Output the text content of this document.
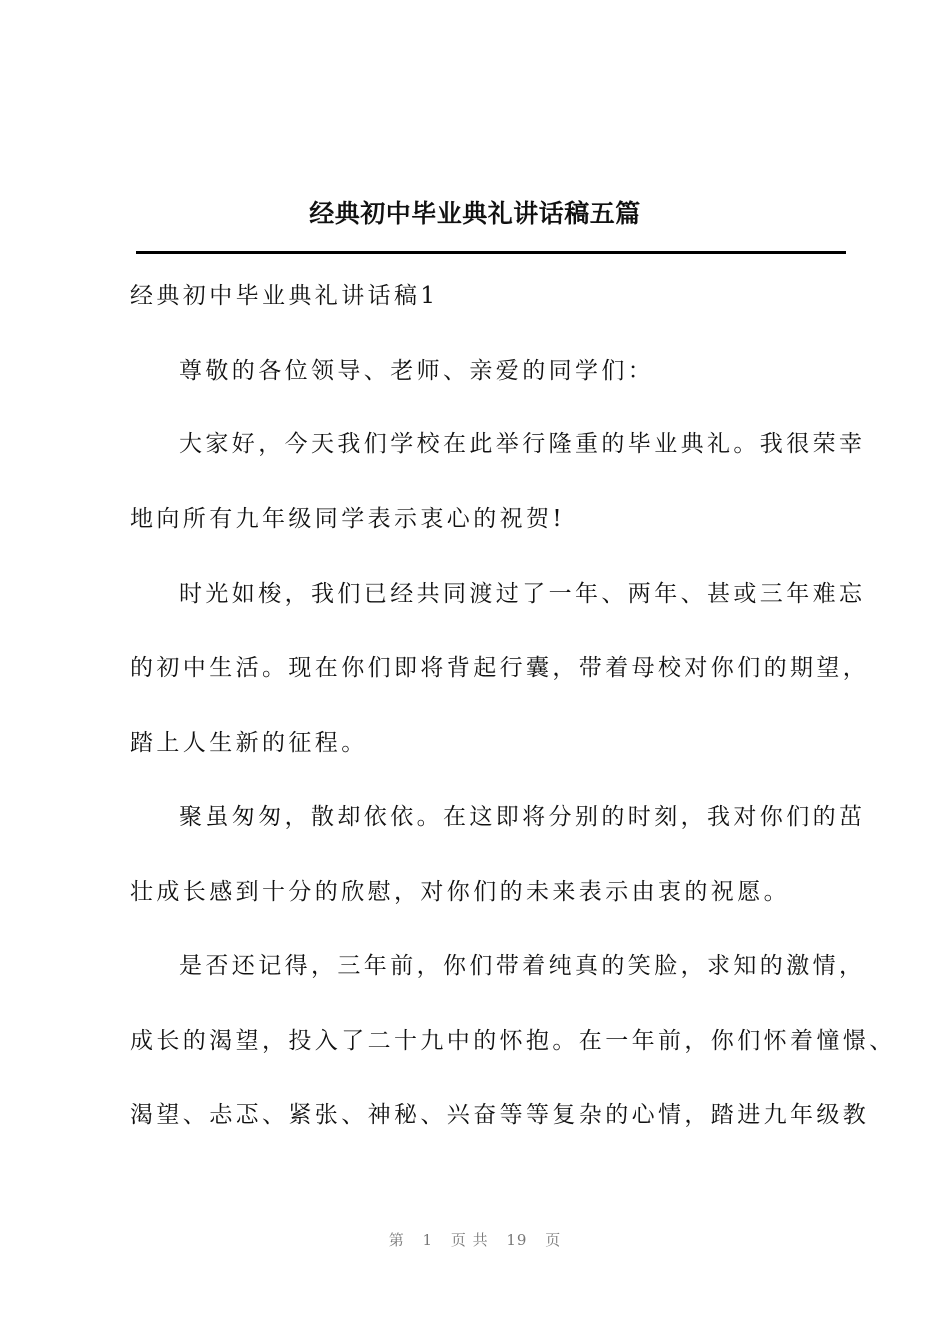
经典初中毕业典礼讲话稿五篇

经典初中毕业典礼讲话稿1

尊敬的各位领导、老师、亲爱的同学们：

大家好，今天我们学校在此举行隆重的毕业典礼。我很荣幸

地向所有九年级同学表示衷心的祝贺!

时光如梭，我们已经共同渡过了一年、两年、甚或三年难忘

的初中生活。现在你们即将背起行囊，带着母校对你们的期望，

踏上人生新的征程。

聚虽匆匆，散却依依。在这即将分别的时刻，我对你们的茁

壮成长感到十分的欣慰，对你们的未来表示由衷的祝愿。

是否还记得，三年前，你们带着纯真的笑脸，求知的激情，

成长的渴望，投入了二十九中的怀抱。在一年前，你们怀着憧憬、

渴望、忐忑、紧张、神秘、兴奋等等复杂的心情，踏进九年级教

第 1 页 共 19 页
